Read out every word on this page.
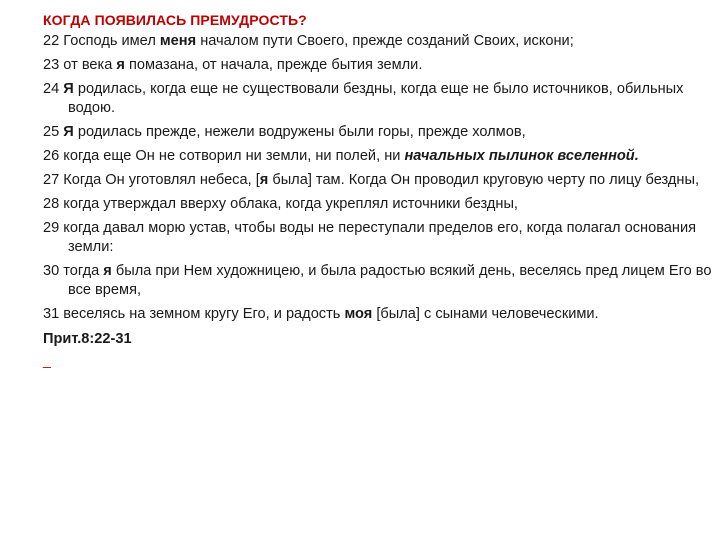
КОГДА ПОЯВИЛАСЬ ПРЕМУДРОСТЬ?

22 Господь имел меня началом пути Своего, прежде созданий Своих, искони;

23 от века я помазана, от начала, прежде бытия земли.

24 Я родилась, когда еще не существовали бездны, когда еще не было источников, обильных водою.

25 Я родилась прежде, нежели водружены были горы, прежде холмов,

26 когда еще Он не сотворил ни земли, ни полей, ни начальных пылинок вселенной.

27 Когда Он уготовлял небеса, [я была] там. Когда Он проводил круговую черту по лицу бездны,

28 когда утверждал вверху облака, когда укреплял источники бездны,

29 когда давал морю устав, чтобы воды не переступали пределов его, когда полагал основания земли:

30 тогда я была при Нем художницею, и была радостью всякий день, веселясь пред лицем Его во все время,

31 веселясь на земном кругу Его, и радость моя [была] с сынами человеческими.

Прит.8:22-31

_
